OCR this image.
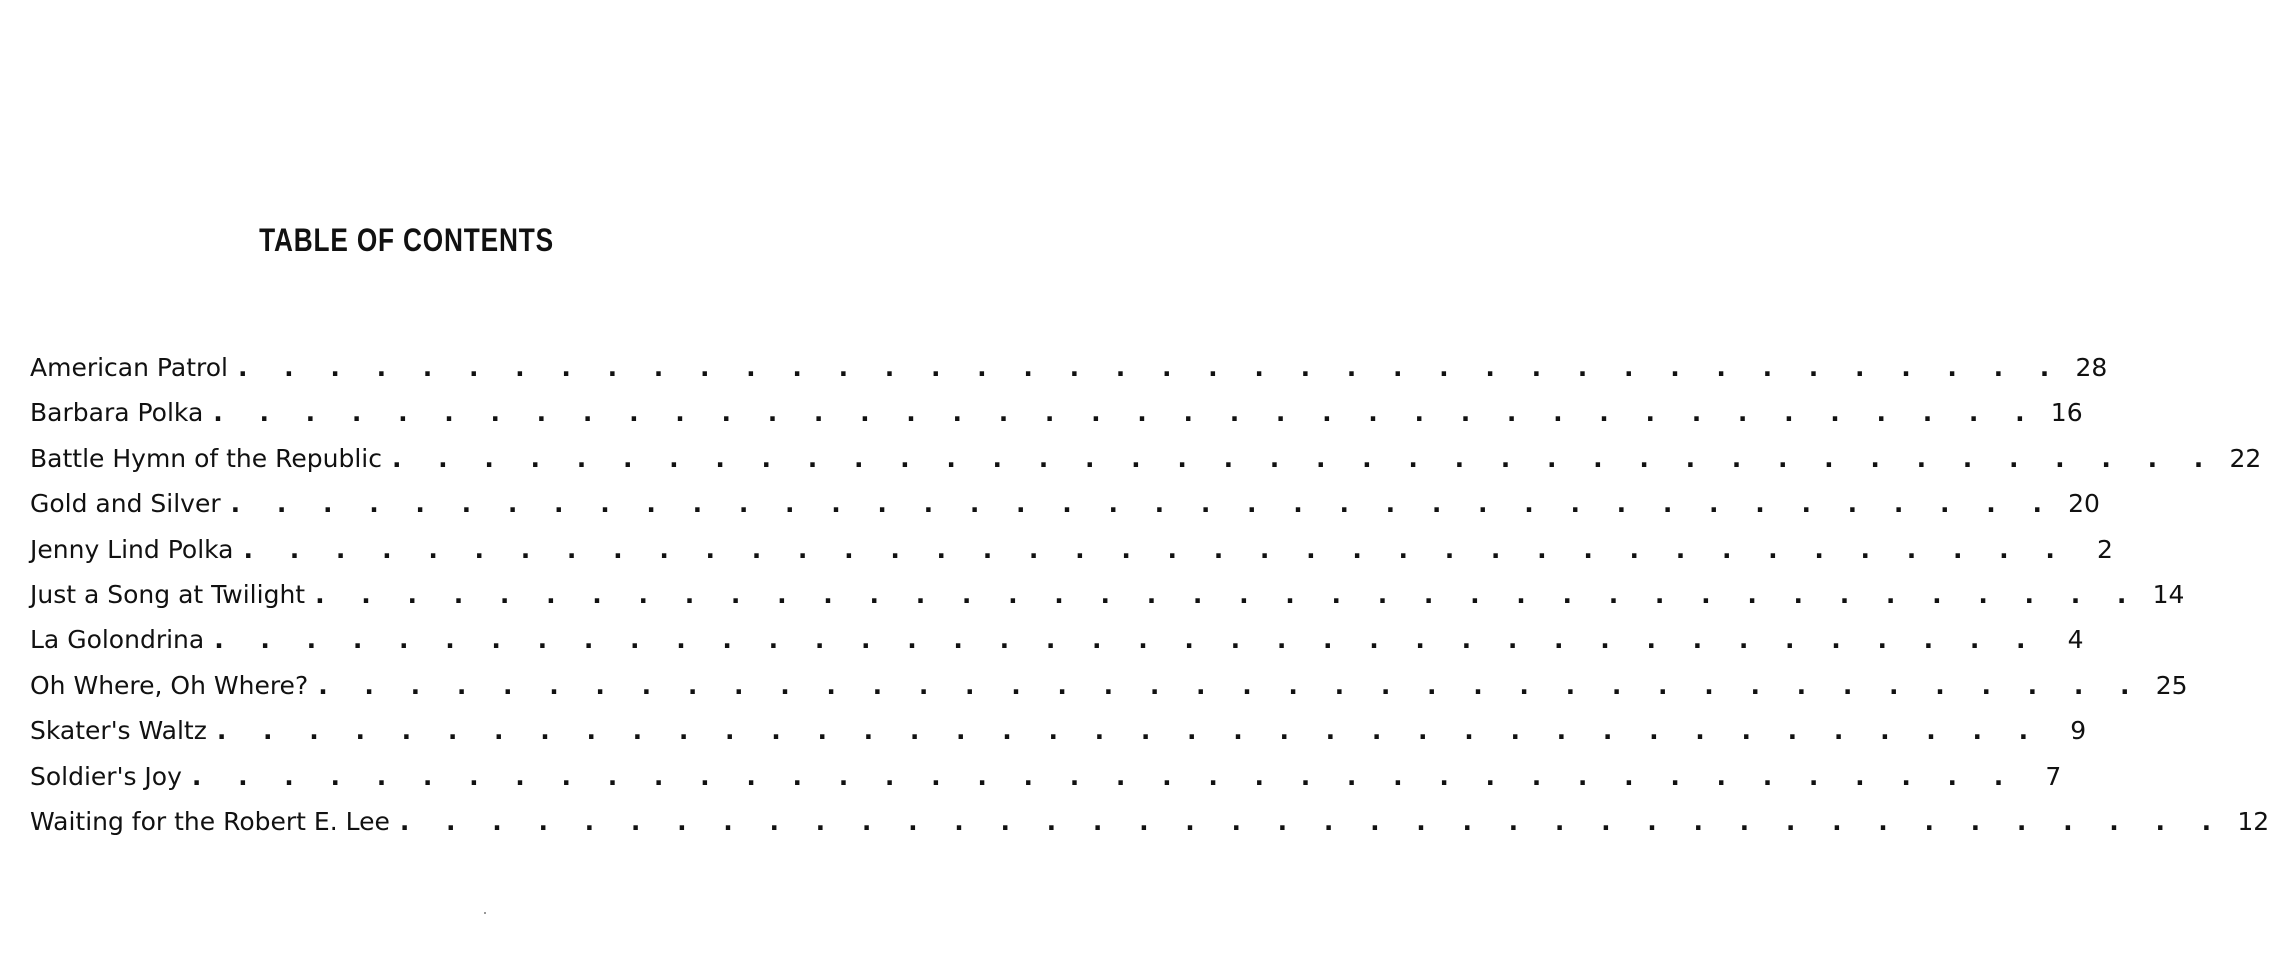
TABLE OF CONTENTS
American Patrol . . . . . . . . . . . . . . . . . . . . . . . . . . . . . . . . . . . . . . . . 28
Barbara Polka . . . . . . . . . . . . . . . . . . . . . . . . . . . . . . . . . . . . . . . . 16
Battle Hymn of the Republic . . . . . . . . . . . . . . . . . . . . . . . . . . . . . . . . . . . . . . . . 22
Gold and Silver . . . . . . . . . . . . . . . . . . . . . . . . . . . . . . . . . . . . . . . . 20
Jenny Lind Polka . . . . . . . . . . . . . . . . . . . . . . . . . . . . . . . . . . . . . . . .	2
Just a Song at Twilight . . . . . . . . . . . . . . . . . . . . . . . . . . . . . . . . . . . . . . . . 14
La Golondrina . . . . . . . . . . . . . . . . . . . . . . . . . . . . . . . . . . . . . . . .	4
Oh Where, Oh Where? . . . . . . . . . . . . . . . . . . . . . . . . . . . . . . . . . . . . . . . . 25
Skater's Waltz . . . . . . . . . . . . . . . . . . . . . . . . . . . . . . . . . . . . . . . .	9
Soldier's Joy . . . . . . . . . . . . . . . . . . . . . . . . . . . . . . . . . . . . . . . .	7
Waiting for the Robert E. Lee . . . . . . . . . . . . . . . . . . . . . . . . . . . . . . . . . . . . . . . . 12
